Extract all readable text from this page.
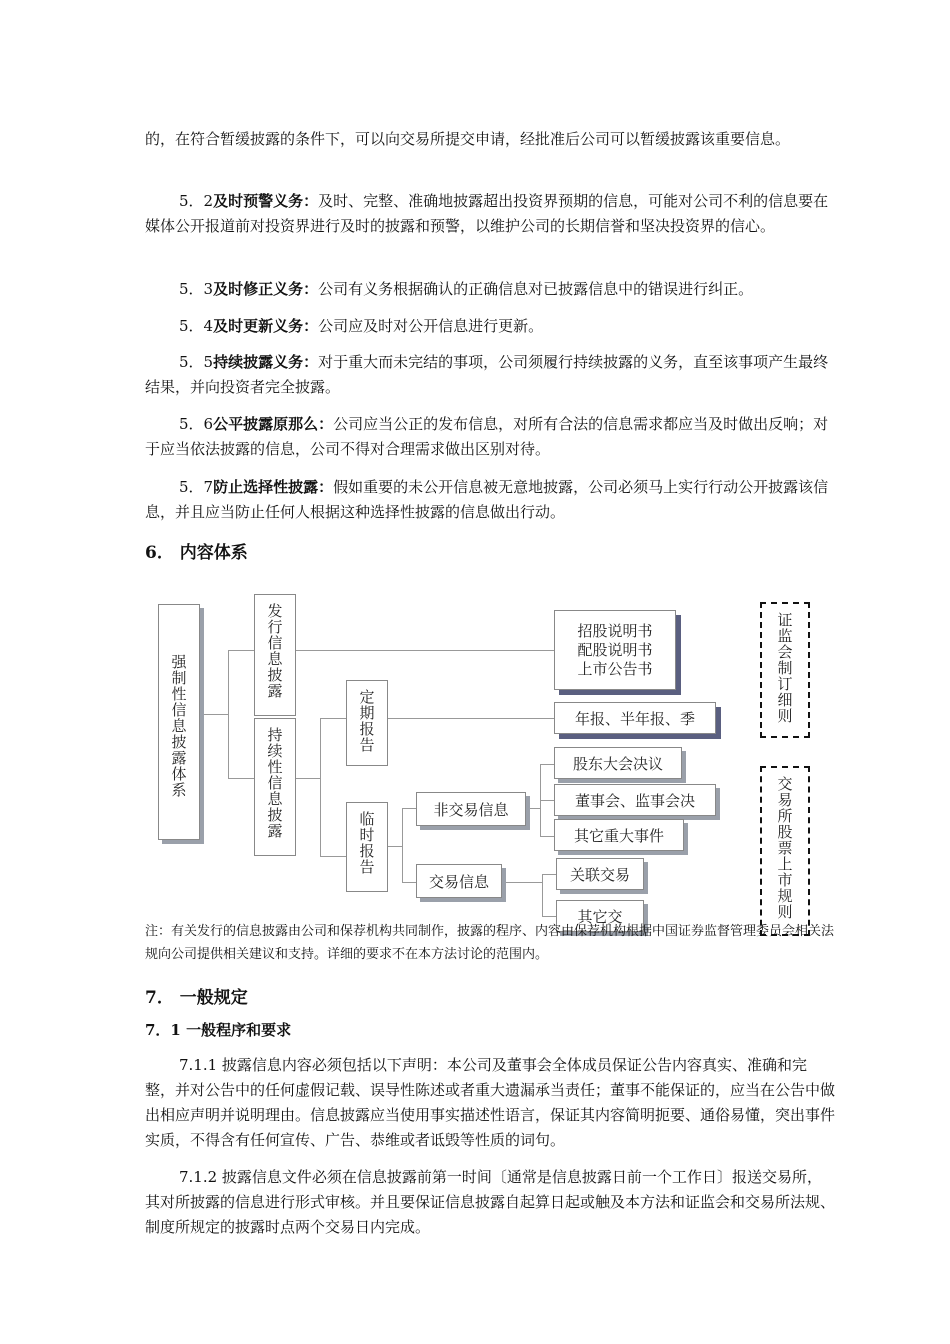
的，在符合暂缓披露的条件下，可以向交易所提交申请，经批准后公司可以暂缓披露该重要信息。

5．2及时预警义务：及时、完整、准确地披露超出投资界预期的信息，可能对公司不利的信息要在媒体公开报道前对投资界进行及时的披露和预警，以维护公司的长期信誉和坚决投资界的信心。

5．3及时修正义务：公司有义务根据确认的正确信息对已披露信息中的错误进行纠正。

5．4及时更新义务：公司应及时对公开信息进行更新。

5．5持续披露义务：对于重大而未完结的事项，公司须履行持续披露的义务，直至该事项产生最终结果，并向投资者完全披露。

5．6公平披露原那么：公司应当公正的发布信息，对所有合法的信息需求都应当及时做出反响；对于应当依法披露的信息，公司不得对合理需求做出区别对待。

5．7防止选择性披露：假如重要的未公开信息被无意地披露，公司必须马上实行行动公开披露该信息，并且应当防止任何人根据这种选择性披露的信息做出行动。

6． 内容体系

强制性信息披露体系
发行信息披露
持续性信息披露
定期报告
临时报告
招股说明书
配股说明书
上市公告书
年报、半年报、季
非交易信息
交易信息
股东大会决议
董事会、监事会决
其它重大事件
关联交易
其它交
证监会制订细则
交易所股票上市规则

注：有关发行的信息披露由公司和保荐机构共同制作，披露的程序、内容由保荐机构根据中国证券监督管理委员会相关法规向公司提供相关建议和支持。详细的要求不在本方法讨论的范围内。

7． 一般规定

7．1 一般程序和要求

7.1.1 披露信息内容必须包括以下声明：本公司及董事会全体成员保证公告内容真实、准确和完整，并对公告中的任何虚假记载、误导性陈述或者重大遗漏承当责任；董事不能保证的，应当在公告中做出相应声明并说明理由。信息披露应当使用事实描述性语言，保证其内容简明扼要、通俗易懂，突出事件实质，不得含有任何宣传、广告、恭维或者诋毁等性质的词句。

7.1.2 披露信息文件必须在信息披露前第一时间〔通常是信息披露日前一个工作日〕报送交易所，其对所披露的信息进行形式审核。并且要保证信息披露自起算日起或触及本方法和证监会和交易所法规、制度所规定的披露时点两个交易日内完成。
